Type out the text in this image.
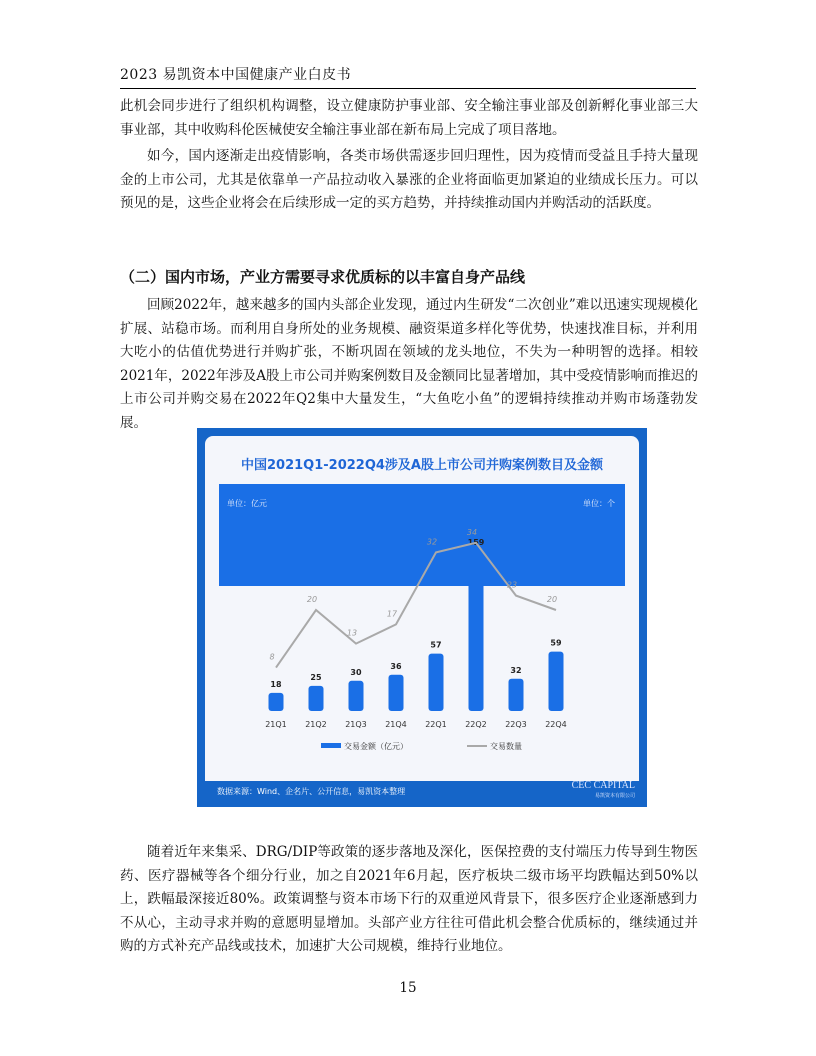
2023 易凯资本中国健康产业白皮书
此机会同步进行了组织机构调整，设立健康防护事业部、安全输注事业部及创新孵化事业部三大事业部，其中收购科伦医械使安全输注事业部在新布局上完成了项目落地。
如今，国内逐渐走出疫情影响，各类市场供需逐步回归理性，因为疫情而受益且手持大量现金的上市公司，尤其是依靠单一产品拉动收入暴涨的企业将面临更加紧迫的业绩成长压力。可以预见的是，这些企业将会在后续形成一定的买方趋势，并持续推动国内并购活动的活跃度。
（二）国内市场，产业方需要寻求优质标的以丰富自身产品线
回顾2022年，越来越多的国内头部企业发现，通过内生研发“二次创业”难以迅速实现规模化扩展、站稳市场。而利用自身所处的业务规模、融资渠道多样化等优势，快速找准目标，并利用大吃小的估值优势进行并购扩张，不断巩固在领域的龙头地位，不失为一种明智的选择。相较2021年，2022年涉及A股上市公司并购案例数目及金额同比显著增加，其中受疫情影响而推迟的上市公司并购交易在2022年Q2集中大量发生，“大鱼吃小鱼”的逻辑持续推动并购市场蓬勃发展。
中国2021Q1-2022Q4涉及A股上市公司并购案例数目及金额
单位：亿元	单位：个
18
25
30
36
57
159
32
59
8
20
13
17
32
34
23
20
21Q1 21Q2 21Q3 21Q4 22Q1 22Q2 22Q3 22Q4
交易金额（亿元）	交易数量
数据来源：Wind、企名片、公开信息，易凯资本整理
CEC CAPITAL
易凯资本有限公司
随着近年来集采、DRG/DIP等政策的逐步落地及深化，医保控费的支付端压力传导到生物医药、医疗器械等各个细分行业，加之自2021年6月起，医疗板块二级市场平均跌幅达到50%以上，跌幅最深接近80%。政策调整与资本市场下行的双重逆风背景下，很多医疗企业逐渐感到力不从心，主动寻求并购的意愿明显增加。头部产业方往往可借此机会整合优质标的，继续通过并购的方式补充产品线或技术，加速扩大公司规模，维持行业地位。
15
